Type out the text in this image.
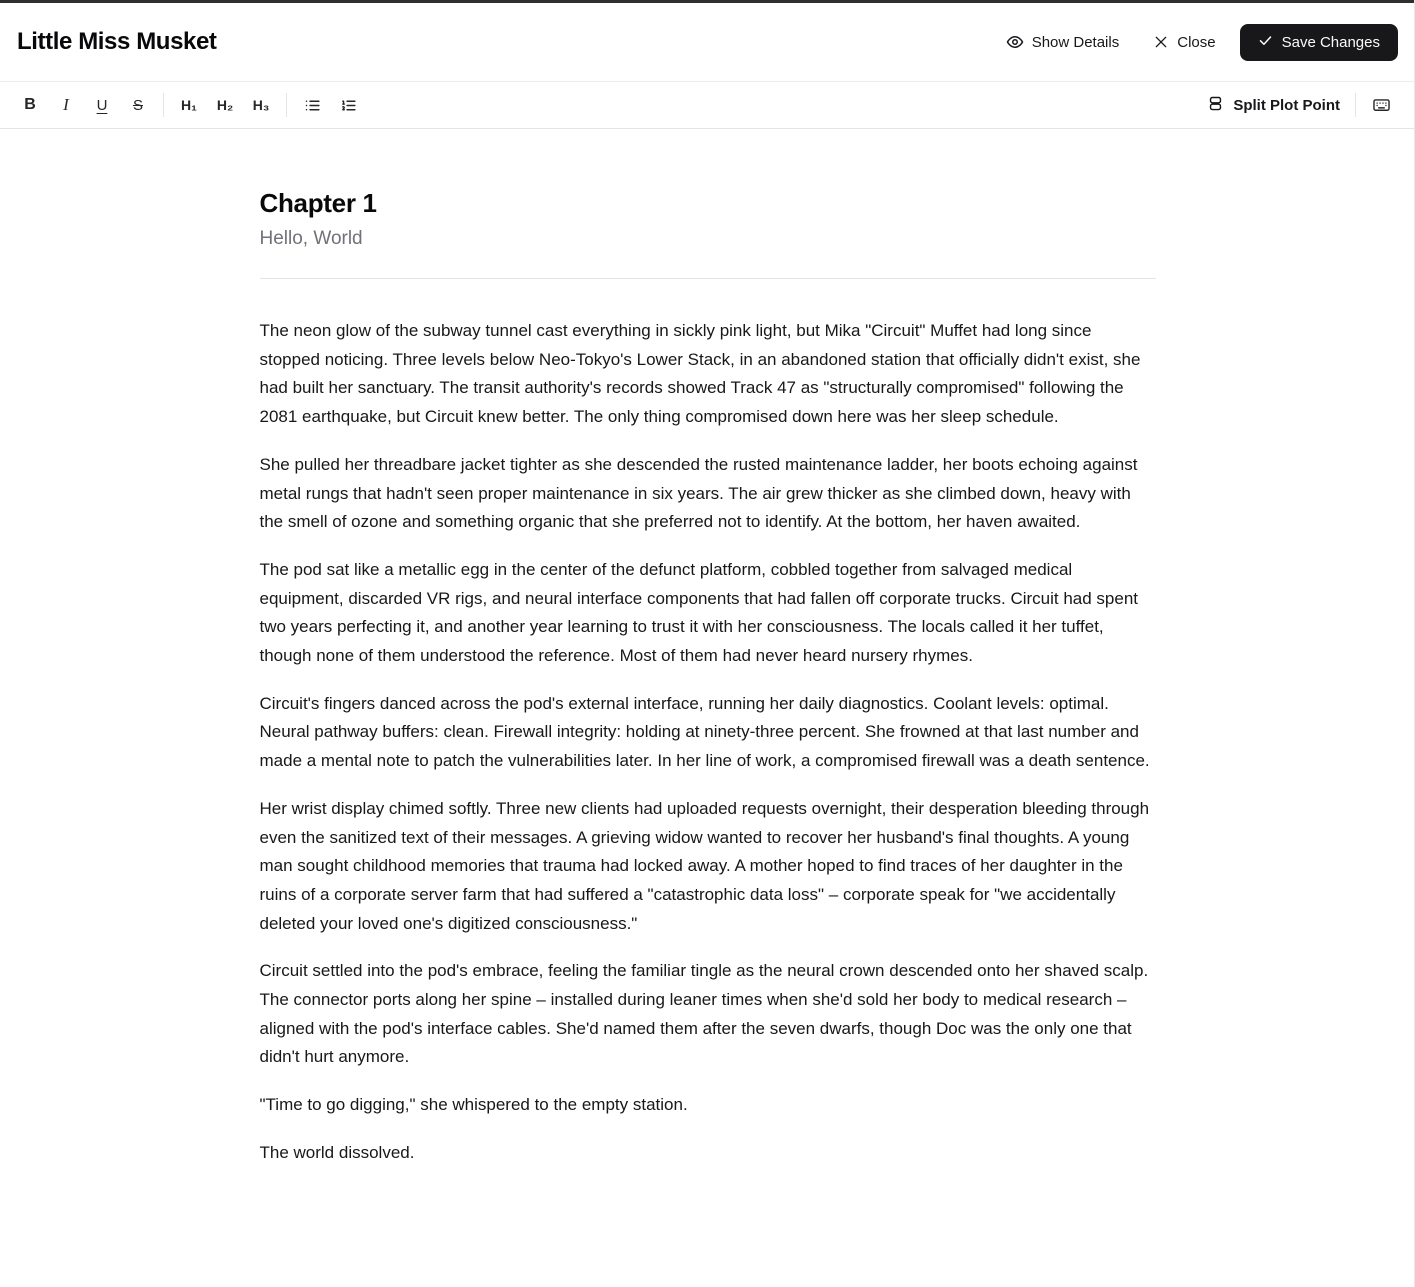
Little Miss Musket	Show Details	Close	Save Changes
B	I	U	S	H₁	H₂	H₃	Split Plot Point
Chapter 1
Hello, World

The neon glow of the subway tunnel cast everything in sickly pink light, but Mika "Circuit" Muffet had long since stopped noticing. Three levels below Neo-Tokyo's Lower Stack, in an abandoned station that officially didn't exist, she had built her sanctuary. The transit authority's records showed Track 47 as "structurally compromised" following the 2081 earthquake, but Circuit knew better. The only thing compromised down here was her sleep schedule.

She pulled her threadbare jacket tighter as she descended the rusted maintenance ladder, her boots echoing against metal rungs that hadn't seen proper maintenance in six years. The air grew thicker as she climbed down, heavy with the smell of ozone and something organic that she preferred not to identify. At the bottom, her haven awaited.

The pod sat like a metallic egg in the center of the defunct platform, cobbled together from salvaged medical equipment, discarded VR rigs, and neural interface components that had fallen off corporate trucks. Circuit had spent two years perfecting it, and another year learning to trust it with her consciousness. The locals called it her tuffet, though none of them understood the reference. Most of them had never heard nursery rhymes.

Circuit's fingers danced across the pod's external interface, running her daily diagnostics. Coolant levels: optimal. Neural pathway buffers: clean. Firewall integrity: holding at ninety-three percent. She frowned at that last number and made a mental note to patch the vulnerabilities later. In her line of work, a compromised firewall was a death sentence.

Her wrist display chimed softly. Three new clients had uploaded requests overnight, their desperation bleeding through even the sanitized text of their messages. A grieving widow wanted to recover her husband's final thoughts. A young man sought childhood memories that trauma had locked away. A mother hoped to find traces of her daughter in the ruins of a corporate server farm that had suffered a "catastrophic data loss" – corporate speak for "we accidentally deleted your loved one's digitized consciousness."

Circuit settled into the pod's embrace, feeling the familiar tingle as the neural crown descended onto her shaved scalp. The connector ports along her spine – installed during leaner times when she'd sold her body to medical research – aligned with the pod's interface cables. She'd named them after the seven dwarfs, though Doc was the only one that didn't hurt anymore.

"Time to go digging," she whispered to the empty station.

The world dissolved.
